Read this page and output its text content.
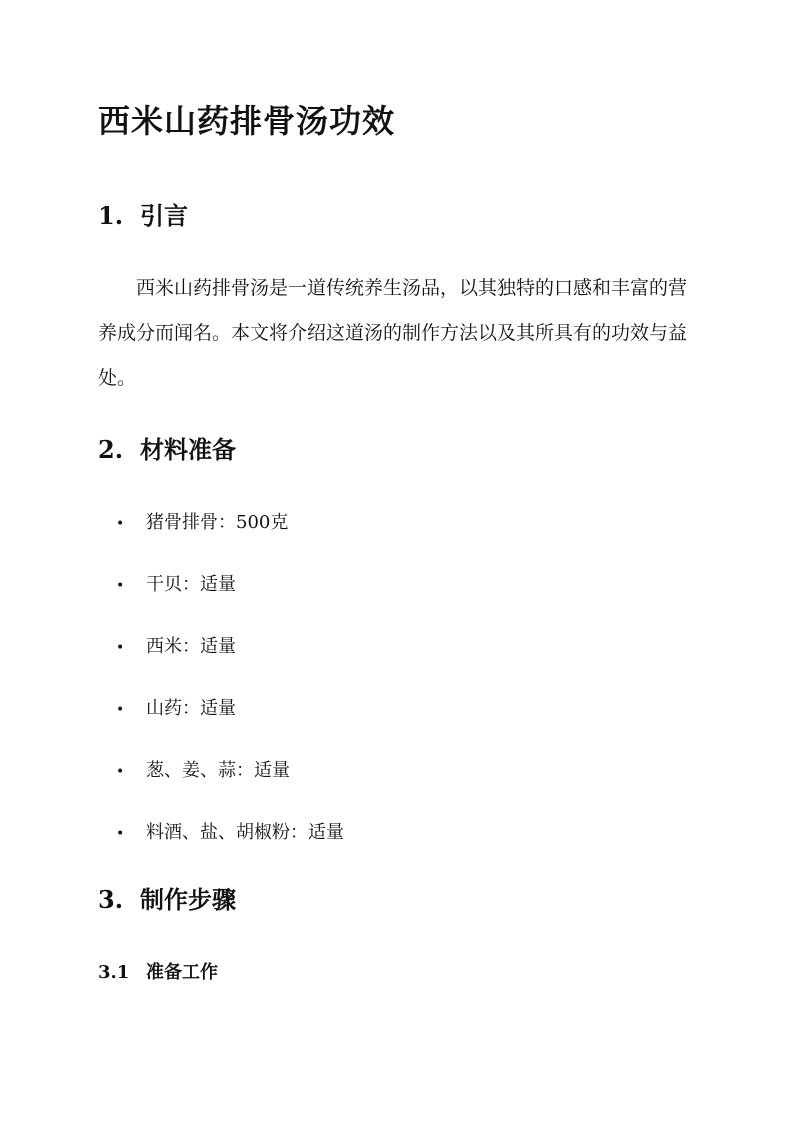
西米山药排骨汤功效
1. 引言

西米山药排骨汤是一道传统养生汤品，以其独特的口感和丰富的营养成分而闻名。本文将介绍这道汤的制作方法以及其所具有的功效与益处。

2. 材料准备
• 猪骨排骨：500克
• 干贝：适量
• 西米：适量
• 山药：适量
• 葱、姜、蒜：适量
• 料酒、盐、胡椒粉：适量
3. 制作步骤
3.1 准备工作
